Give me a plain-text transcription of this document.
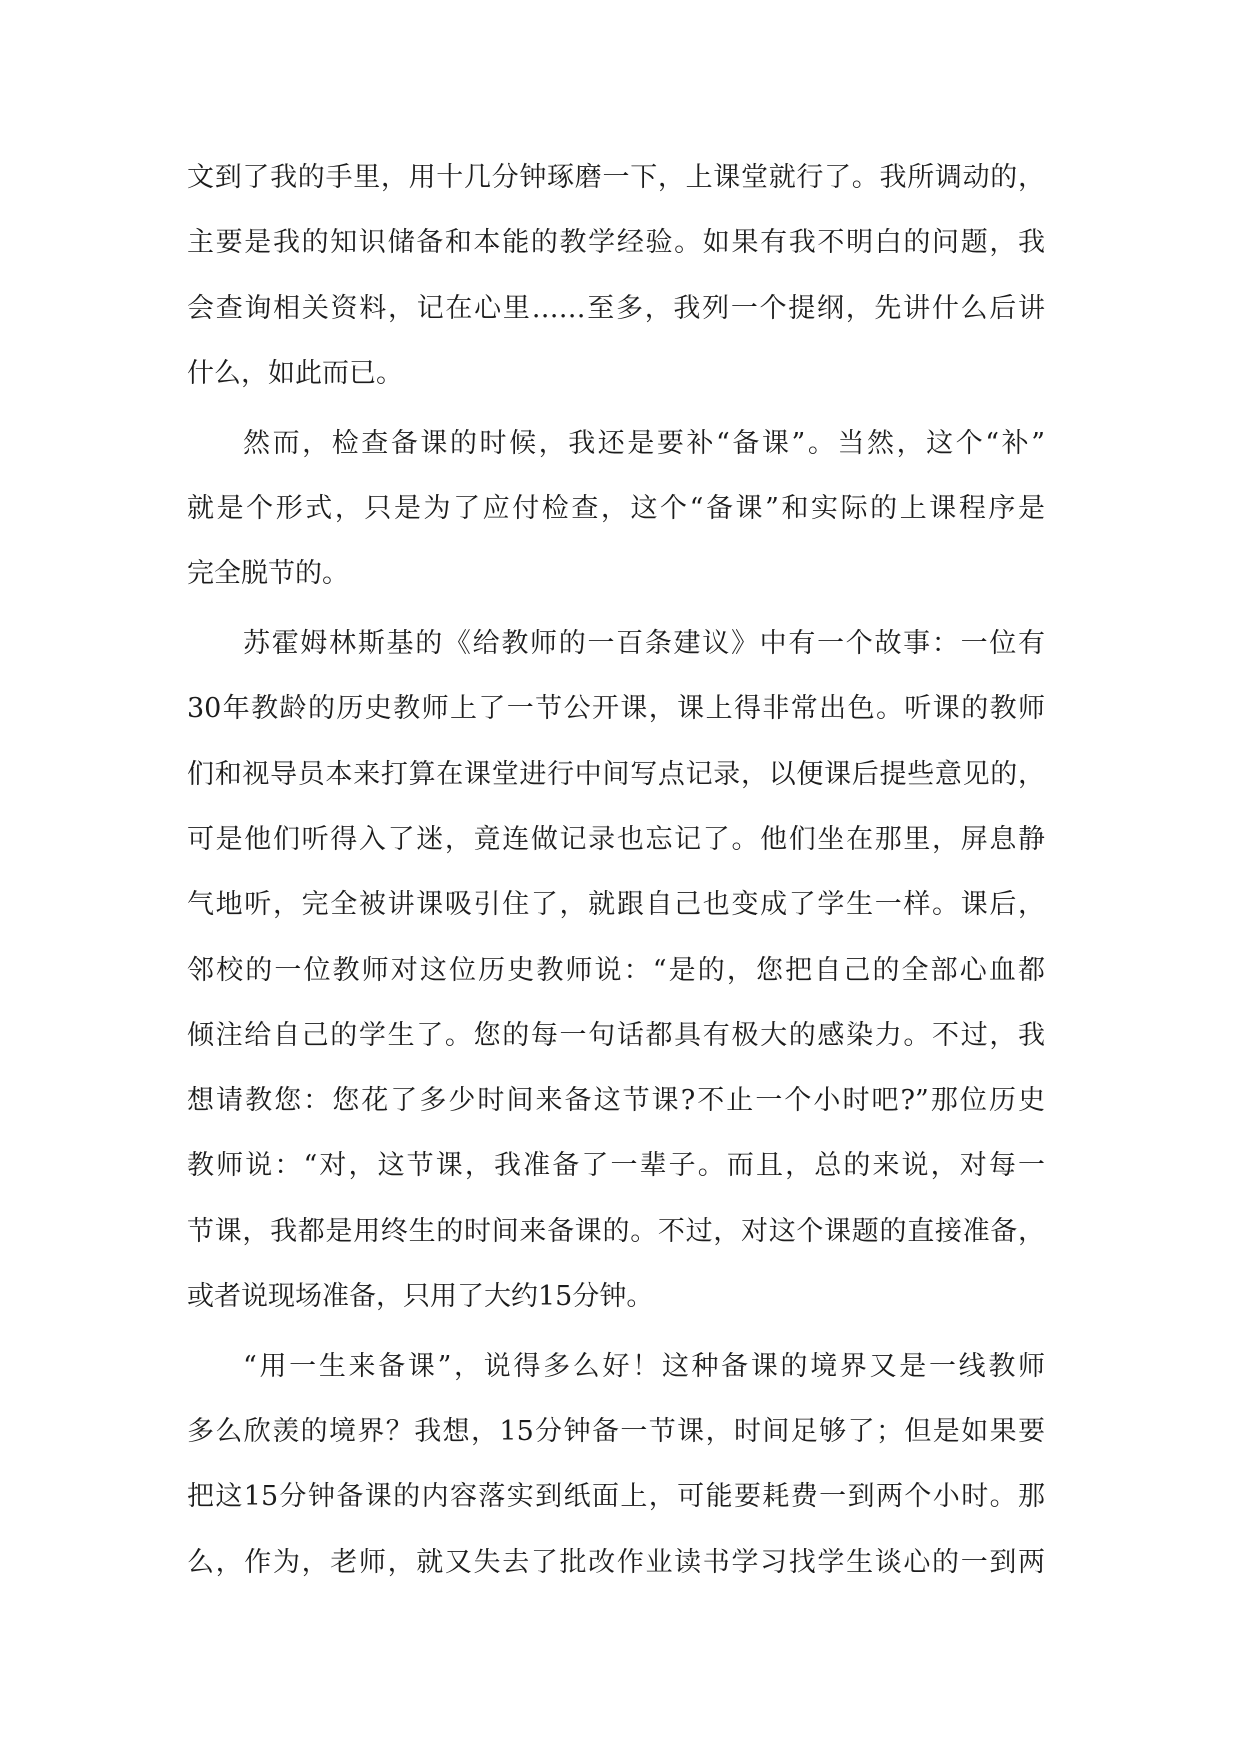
文到了我的手里，用十几分钟琢磨一下，上课堂就行了。我所调动的，
主要是我的知识储备和本能的教学经验。如果有我不明白的问题，我
会查询相关资料，记在心里……至多，我列一个提纲，先讲什么后讲
什么，如此而已。
然而，检查备课的时候，我还是要补“备课”。当然，这个“补”
就是个形式，只是为了应付检查，这个“备课”和实际的上课程序是
完全脱节的。
苏霍姆林斯基的《给教师的一百条建议》中有一个故事：一位有
30年教龄的历史教师上了一节公开课，课上得非常出色。听课的教师
们和视导员本来打算在课堂进行中间写点记录，以便课后提些意见的，
可是他们听得入了迷，竟连做记录也忘记了。他们坐在那里，屏息静
气地听，完全被讲课吸引住了，就跟自己也变成了学生一样。课后，
邻校的一位教师对这位历史教师说：“是的，您把自己的全部心血都
倾注给自己的学生了。您的每一句话都具有极大的感染力。不过，我
想请教您：您花了多少时间来备这节课?不止一个小时吧?”那位历史
教师说：“对，这节课，我准备了一辈子。而且，总的来说，对每一
节课，我都是用终生的时间来备课的。不过，对这个课题的直接准备，
或者说现场准备，只用了大约15分钟。
“用一生来备课”，说得多么好！这种备课的境界又是一线教师
多么欣羡的境界？我想，15分钟备一节课，时间足够了；但是如果要
把这15分钟备课的内容落实到纸面上，可能要耗费一到两个小时。那
么，作为，老师，就又失去了批改作业读书学习找学生谈心的一到两
